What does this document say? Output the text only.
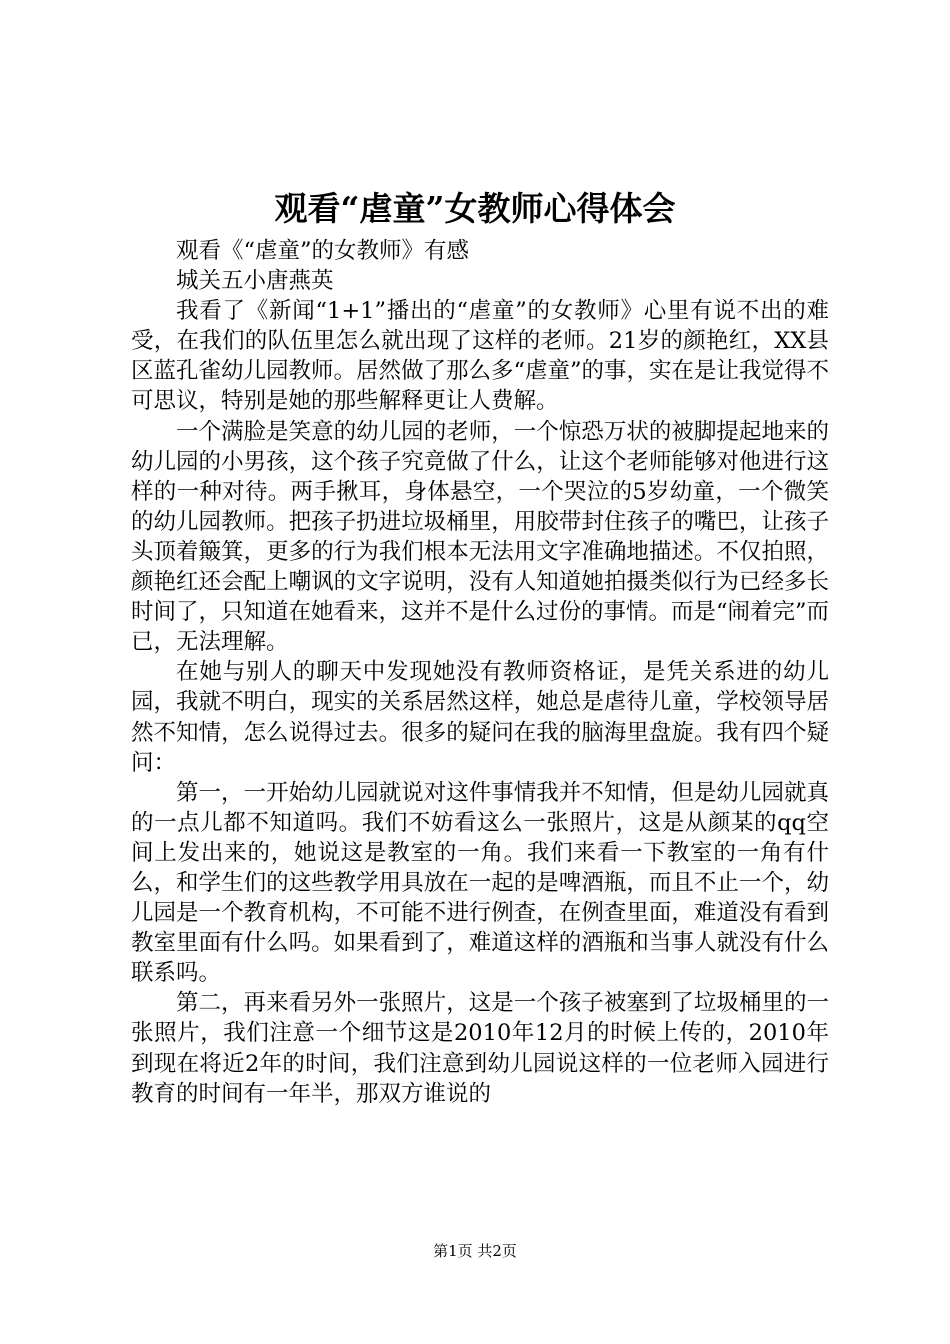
观看“虐童”女教师心得体会

观看《“虐童”的女教师》有感

城关五小唐燕英

我看了《新闻“1+1”播出的“虐童”的女教师》心里有说不出的难受，在我们的队伍里怎么就出现了这样的老师。21岁的颜艳红，XX县区蓝孔雀幼儿园教师。居然做了那么多“虐童”的事，实在是让我觉得不可思议，特别是她的那些解释更让人费解。

一个满脸是笑意的幼儿园的老师，一个惊恐万状的被脚提起地来的幼儿园的小男孩，这个孩子究竟做了什么，让这个老师能够对他进行这样的一种对待。两手揪耳，身体悬空，一个哭泣的5岁幼童，一个微笑的幼儿园教师。把孩子扔进垃圾桶里，用胶带封住孩子的嘴巴，让孩子头顶着簸箕，更多的行为我们根本无法用文字准确地描述。不仅拍照，颜艳红还会配上嘲讽的文字说明，没有人知道她拍摄类似行为已经多长时间了，只知道在她看来，这并不是什么过份的事情。而是“闹着完”而已，无法理解。

在她与别人的聊天中发现她没有教师资格证，是凭关系进的幼儿园，我就不明白，现实的关系居然这样，她总是虐待儿童，学校领导居然不知情，怎么说得过去。很多的疑问在我的脑海里盘旋。我有四个疑问：

第一，一开始幼儿园就说对这件事情我并不知情，但是幼儿园就真的一点儿都不知道吗。我们不妨看这么一张照片，这是从颜某的qq空间上发出来的，她说这是教室的一角。我们来看一下教室的一角有什么，和学生们的这些教学用具放在一起的是啤酒瓶，而且不止一个，幼儿园是一个教育机构，不可能不进行例查，在例查里面，难道没有看到教室里面有什么吗。如果看到了，难道这样的酒瓶和当事人就没有什么联系吗。

第二，再来看另外一张照片，这是一个孩子被塞到了垃圾桶里的一张照片，我们注意一个细节这是2010年12月的时候上传的，2010年到现在将近2年的时间，我们注意到幼儿园说这样的一位老师入园进行教育的时间有一年半，那双方谁说的

第1页 共2页
